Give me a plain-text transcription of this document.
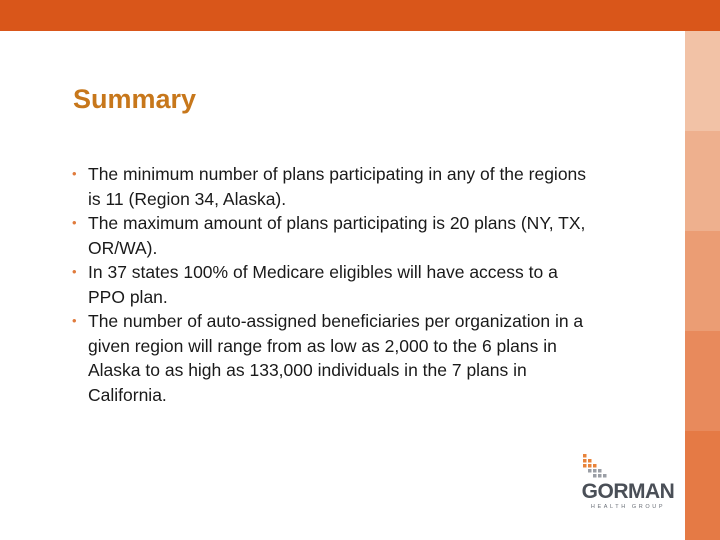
Summary
• The minimum number of plans participating in any of the regions is 11 (Region 34, Alaska).
• The maximum amount of plans participating is 20 plans (NY, TX, OR/WA).
• In 37 states 100% of Medicare eligibles will have access to a PPO plan.
• The number of auto-assigned beneficiaries per organization in a given region will range from as low as 2,000 to the 6 plans in Alaska to as high as 133,000 individuals in the 7 plans in California.
GORMAN
HEALTH GROUP
